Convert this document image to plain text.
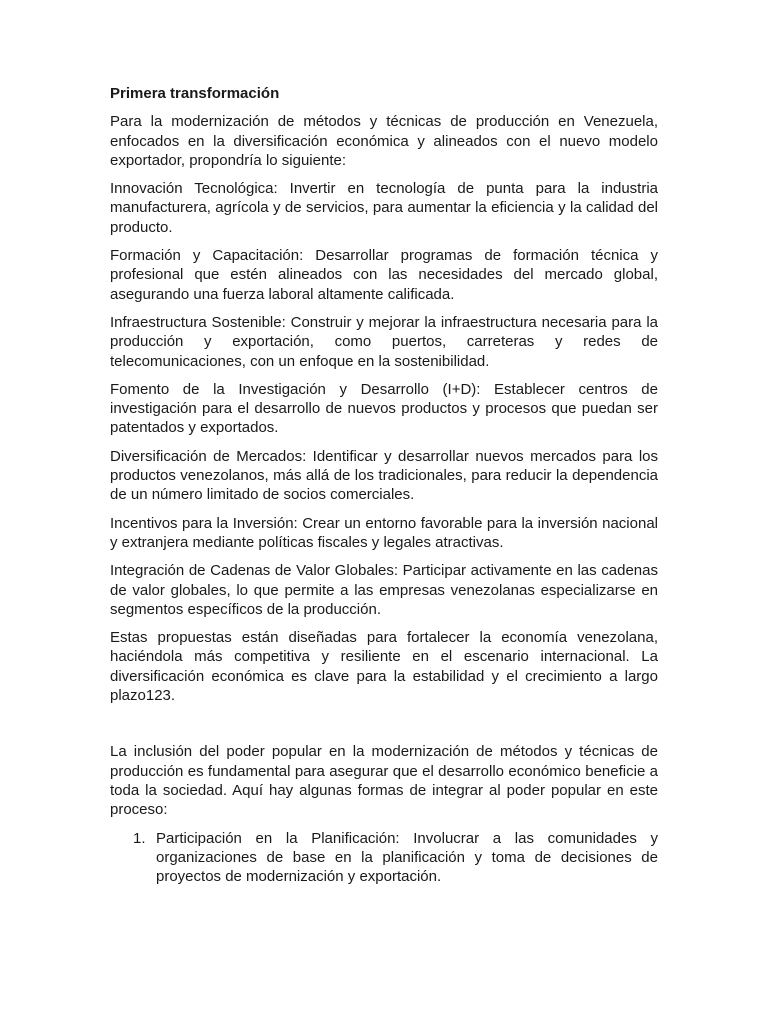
Primera transformación

Para la modernización de métodos y técnicas de producción en Venezuela, enfocados en la diversificación económica y alineados con el nuevo modelo exportador, propondría lo siguiente:

Innovación Tecnológica: Invertir en tecnología de punta para la industria manufacturera, agrícola y de servicios, para aumentar la eficiencia y la calidad del producto.

Formación y Capacitación: Desarrollar programas de formación técnica y profesional que estén alineados con las necesidades del mercado global, asegurando una fuerza laboral altamente calificada.

Infraestructura Sostenible: Construir y mejorar la infraestructura necesaria para la producción y exportación, como puertos, carreteras y redes de telecomunicaciones, con un enfoque en la sostenibilidad.

Fomento de la Investigación y Desarrollo (I+D): Establecer centros de investigación para el desarrollo de nuevos productos y procesos que puedan ser patentados y exportados.

Diversificación de Mercados: Identificar y desarrollar nuevos mercados para los productos venezolanos, más allá de los tradicionales, para reducir la dependencia de un número limitado de socios comerciales.

Incentivos para la Inversión: Crear un entorno favorable para la inversión nacional y extranjera mediante políticas fiscales y legales atractivas.

Integración de Cadenas de Valor Globales: Participar activamente en las cadenas de valor globales, lo que permite a las empresas venezolanas especializarse en segmentos específicos de la producción.

Estas propuestas están diseñadas para fortalecer la economía venezolana, haciéndola más competitiva y resiliente en el escenario internacional. La diversificación económica es clave para la estabilidad y el crecimiento a largo plazo123.

La inclusión del poder popular en la modernización de métodos y técnicas de producción es fundamental para asegurar que el desarrollo económico beneficie a toda la sociedad. Aquí hay algunas formas de integrar al poder popular en este proceso:

1. Participación en la Planificación: Involucrar a las comunidades y organizaciones de base en la planificación y toma de decisiones de proyectos de modernización y exportación.
